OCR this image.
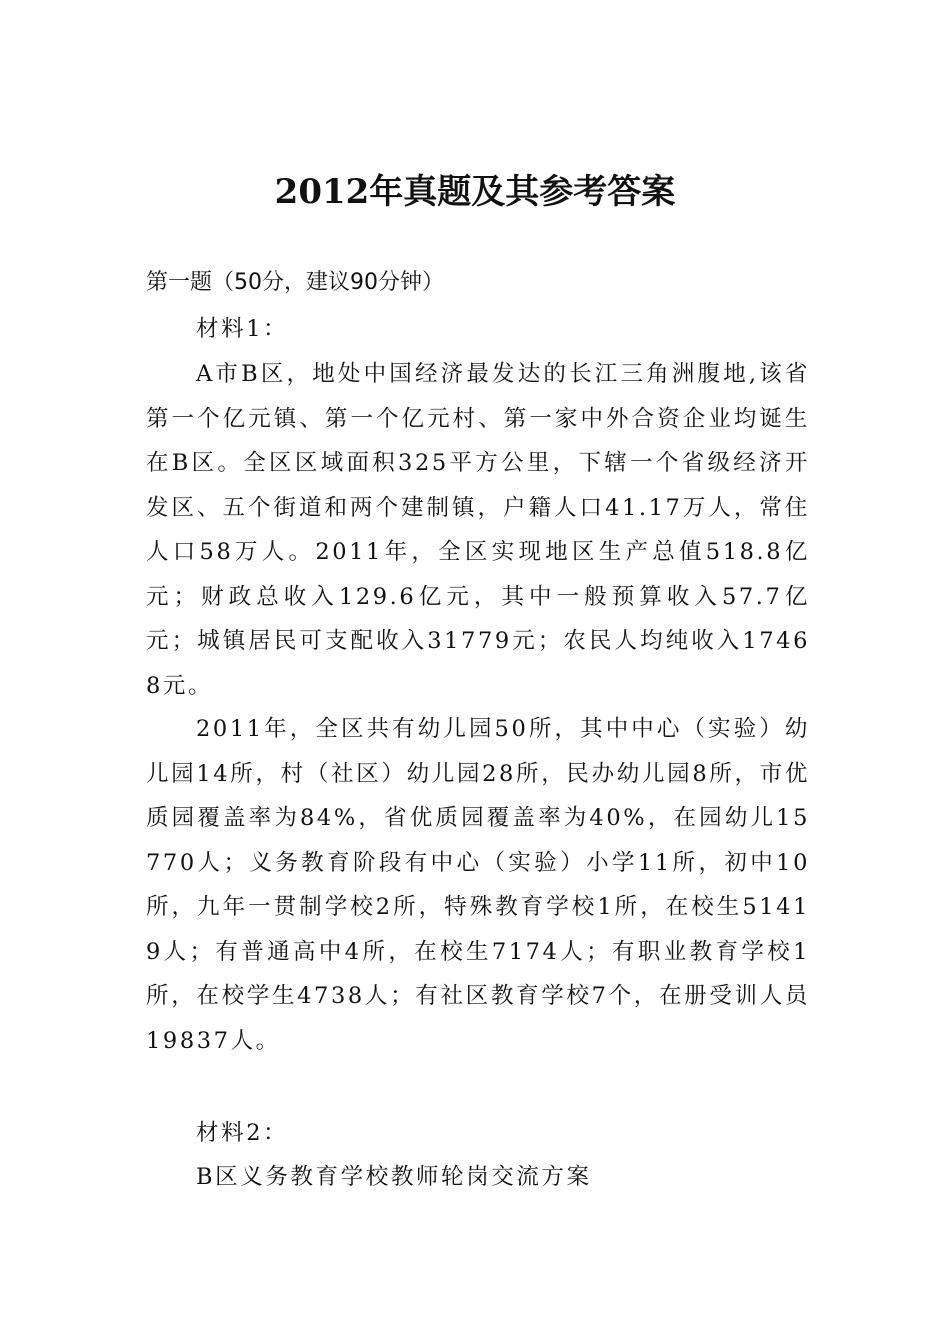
2012年真题及其参考答案
第一题（50分，建议90分钟）
材料1：

A市B区，地处中国经济最发达的长江三角洲腹地,该省第一个亿元镇、第一个亿元村、第一家中外合资企业均诞生在B区。全区区域面积325平方公里，下辖一个省级经济开发区、五个街道和两个建制镇，户籍人口41.17万人，常住人口58万人。2011年，全区实现地区生产总值518.8亿元；财政总收入129.6亿元，其中一般预算收入57.7亿元；城镇居民可支配收入31779元；农民人均纯收入17468元。

2011年，全区共有幼儿园50所，其中中心（实验）幼儿园14所，村（社区）幼儿园28所，民办幼儿园8所，市优质园覆盖率为84%，省优质园覆盖率为40%，在园幼儿15770人；义务教育阶段有中心（实验）小学11所，初中10所，九年一贯制学校2所，特殊教育学校1所，在校生51419人；有普通高中4所，在校生7174人；有职业教育学校1所，在校学生4738人；有社区教育学校7个，在册受训人员19837人。

材料2：
B区义务教育学校教师轮岗交流方案
